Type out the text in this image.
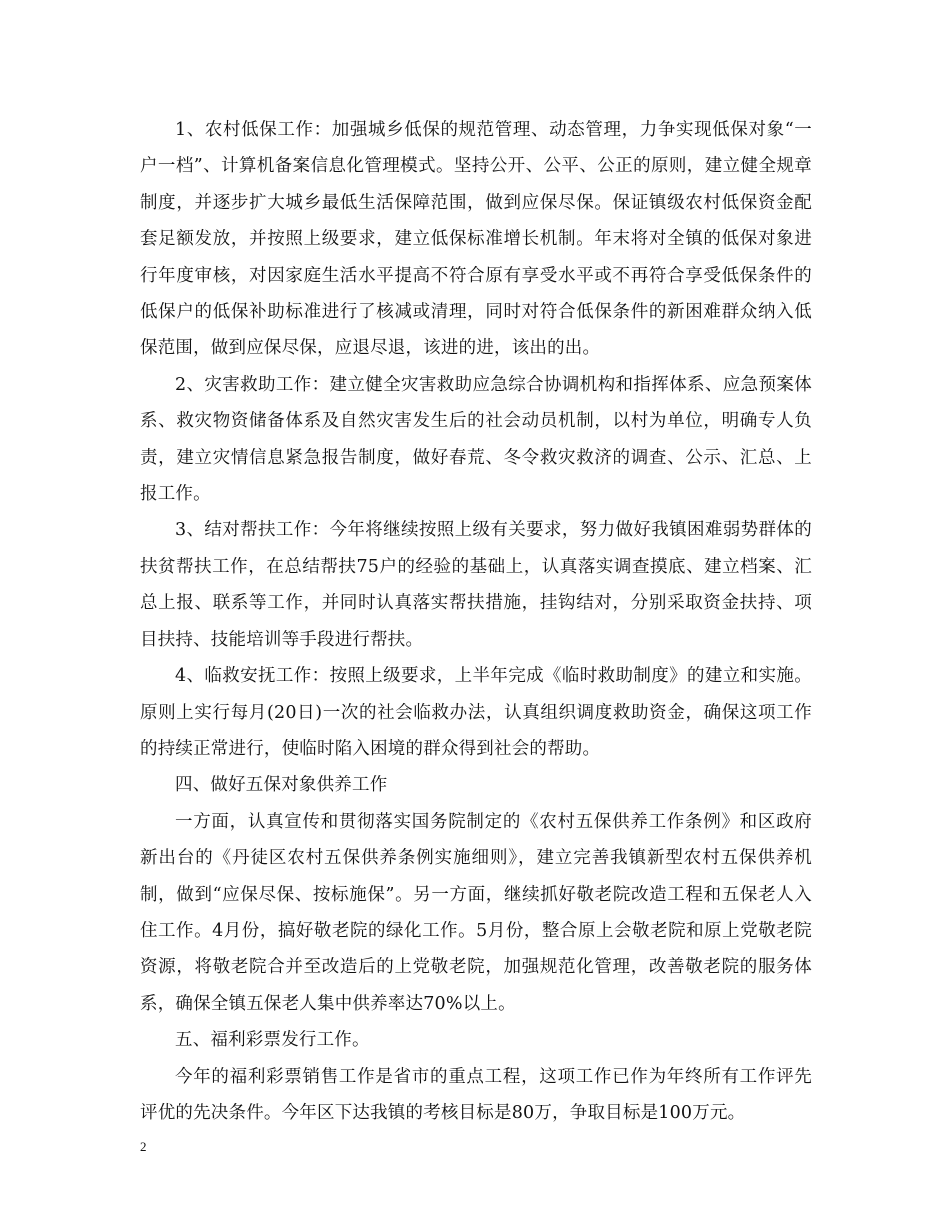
1、农村低保工作：加强城乡低保的规范管理、动态管理，力争实现低保对象“一户一档”、计算机备案信息化管理模式。坚持公开、公平、公正的原则，建立健全规章制度，并逐步扩大城乡最低生活保障范围，做到应保尽保。保证镇级农村低保资金配套足额发放，并按照上级要求，建立低保标准增长机制。年末将对全镇的低保对象进行年度审核，对因家庭生活水平提高不符合原有享受水平或不再符合享受低保条件的低保户的低保补助标准进行了核减或清理，同时对符合低保条件的新困难群众纳入低保范围，做到应保尽保，应退尽退，该进的进，该出的出。

2、灾害救助工作：建立健全灾害救助应急综合协调机构和指挥体系、应急预案体系、救灾物资储备体系及自然灾害发生后的社会动员机制，以村为单位，明确专人负责，建立灾情信息紧急报告制度，做好春荒、冬令救灾救济的调查、公示、汇总、上报工作。

3、结对帮扶工作：今年将继续按照上级有关要求，努力做好我镇困难弱势群体的扶贫帮扶工作，在总结帮扶75户的经验的基础上，认真落实调查摸底、建立档案、汇总上报、联系等工作，并同时认真落实帮扶措施，挂钩结对，分别采取资金扶持、项目扶持、技能培训等手段进行帮扶。

4、临救安抚工作：按照上级要求，上半年完成《临时救助制度》的建立和实施。原则上实行每月(20日)一次的社会临救办法，认真组织调度救助资金，确保这项工作的持续正常进行，使临时陷入困境的群众得到社会的帮助。

四、做好五保对象供养工作

一方面，认真宣传和贯彻落实国务院制定的《农村五保供养工作条例》和区政府新出台的《丹徒区农村五保供养条例实施细则》，建立完善我镇新型农村五保供养机制，做到“应保尽保、按标施保”。另一方面，继续抓好敬老院改造工程和五保老人入住工作。4月份，搞好敬老院的绿化工作。5月份，整合原上会敬老院和原上党敬老院资源，将敬老院合并至改造后的上党敬老院，加强规范化管理，改善敬老院的服务体系，确保全镇五保老人集中供养率达70%以上。

五、福利彩票发行工作。

今年的福利彩票销售工作是省市的重点工程，这项工作已作为年终所有工作评先评优的先决条件。今年区下达我镇的考核目标是80万，争取目标是100万元。

2
